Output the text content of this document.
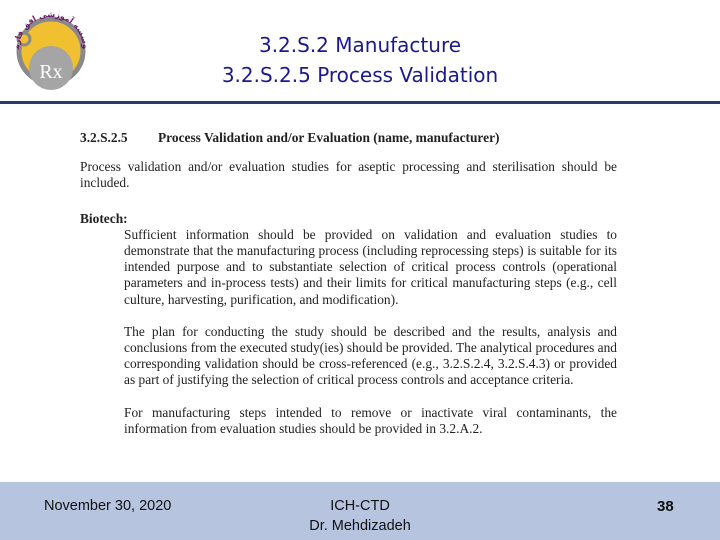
وسسه آموزشی افق فارم
Rx
3.2.S.2 Manufacture
3.2.S.2.5 Process Validation
3.2.S.2.5	Process Validation and/or Evaluation (name, manufacturer)

Process validation and/or evaluation studies for aseptic processing and sterilisation should be included.

Biotech:

Sufficient information should be provided on validation and evaluation studies to demonstrate that the manufacturing process (including reprocessing steps) is suitable for its intended purpose and to substantiate selection of critical process controls (operational parameters and in-process tests) and their limits for critical manufacturing steps (e.g., cell culture, harvesting, purification, and modification).

The plan for conducting the study should be described and the results, analysis and conclusions from the executed study(ies) should be provided. The analytical procedures and corresponding validation should be cross-referenced (e.g., 3.2.S.2.4, 3.2.S.4.3) or provided as part of justifying the selection of critical process controls and acceptance criteria.

For manufacturing steps intended to remove or inactivate viral contaminants, the information from evaluation studies should be provided in 3.2.A.2.

November 30, 2020	ICH-CTD
Dr. Mehdizadeh
38
